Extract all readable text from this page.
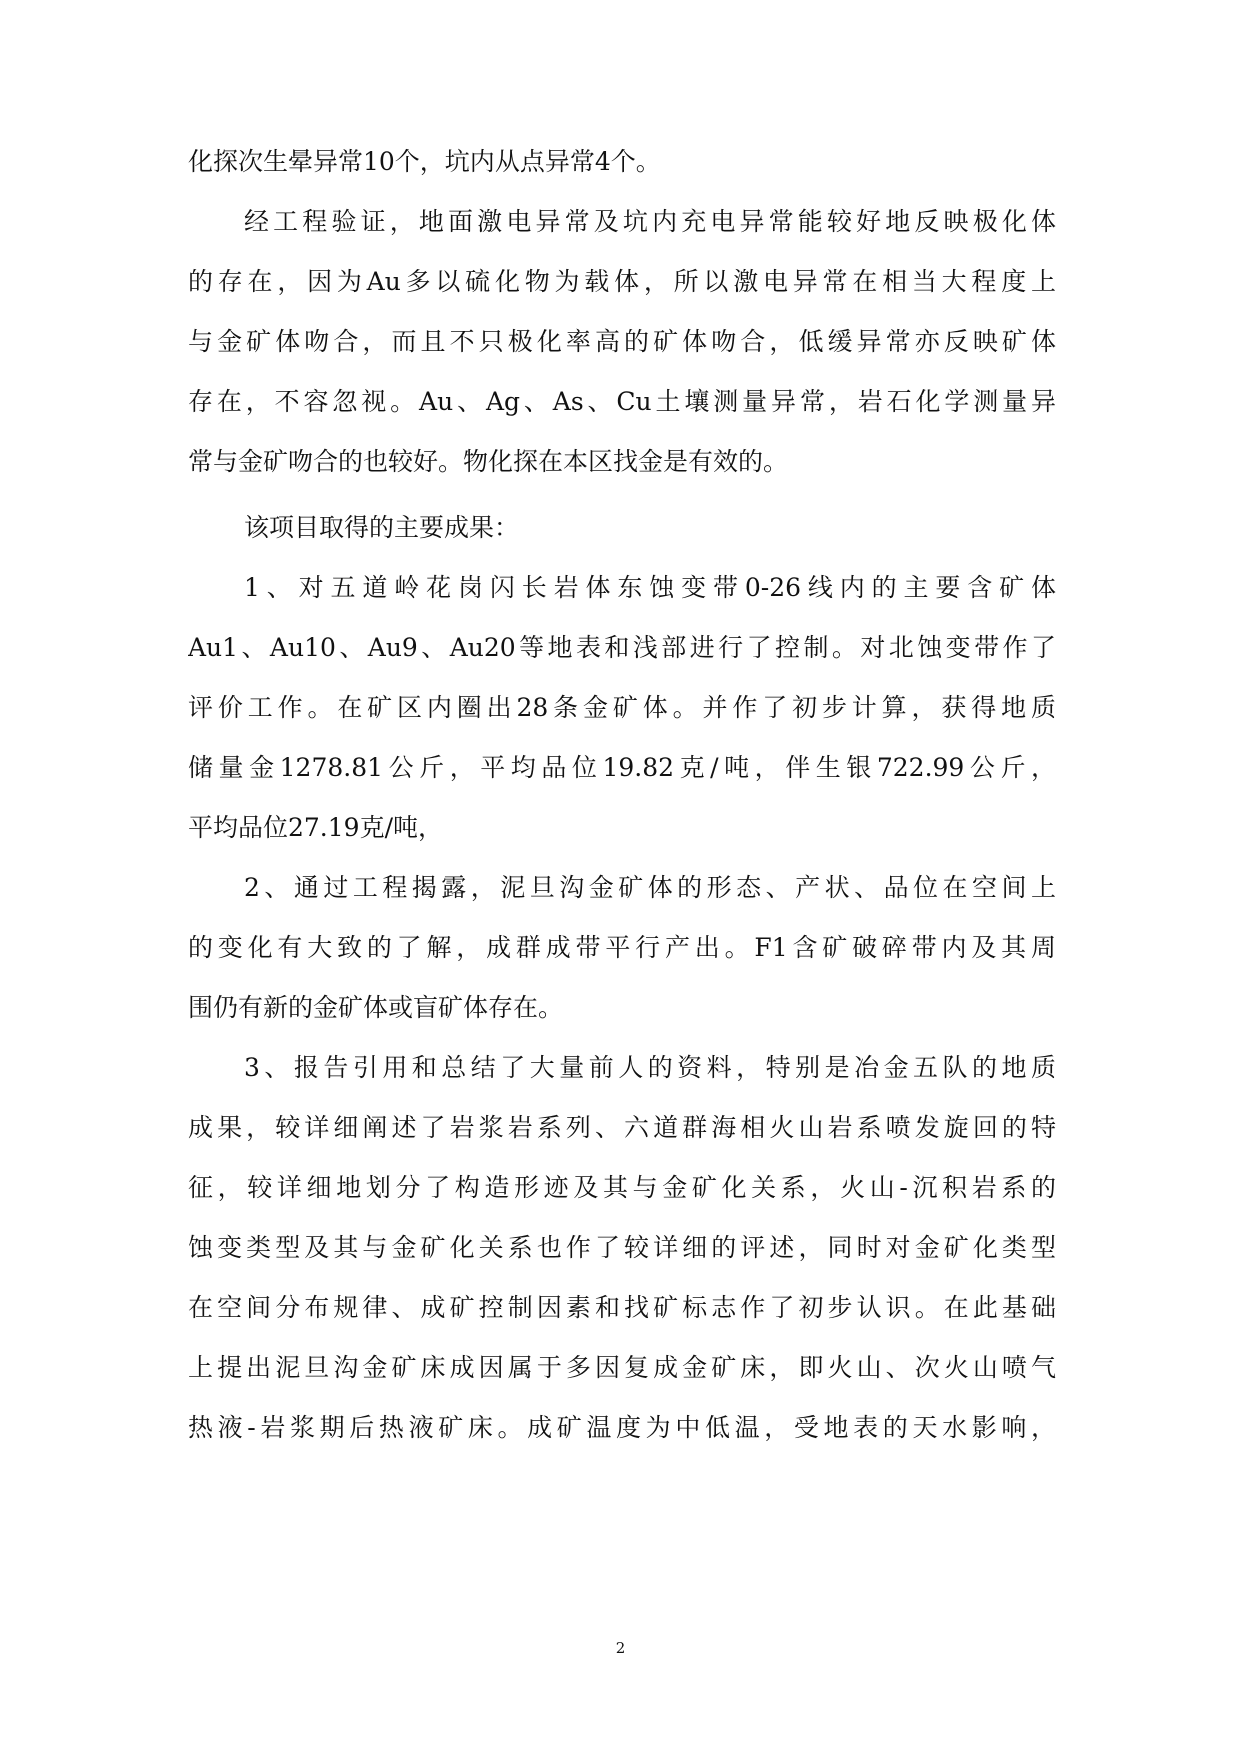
化探次生晕异常10个，坑内从点异常4个。
经工程验证，地面激电异常及坑内充电异常能较好地反映极化体
的存在，因为Au多以硫化物为载体，所以激电异常在相当大程度上
与金矿体吻合，而且不只极化率高的矿体吻合，低缓异常亦反映矿体
存在，不容忽视。Au、Ag、As、Cu土壤测量异常，岩石化学测量异
常与金矿吻合的也较好。物化探在本区找金是有效的。
该项目取得的主要成果：
1、对五道岭花岗闪长岩体东蚀变带0-26线内的主要含矿体
Au1、Au10、Au9、Au20等地表和浅部进行了控制。对北蚀变带作了
评价工作。在矿区内圈出28条金矿体。并作了初步计算，获得地质
储量金1278.81公斤，平均品位19.82克/吨，伴生银722.99公斤，
平均品位27.19克/吨，
2、通过工程揭露，泥旦沟金矿体的形态、产状、品位在空间上
的变化有大致的了解，成群成带平行产出。F1含矿破碎带内及其周
围仍有新的金矿体或盲矿体存在。
3、报告引用和总结了大量前人的资料，特别是冶金五队的地质
成果，较详细阐述了岩浆岩系列、六道群海相火山岩系喷发旋回的特
征，较详细地划分了构造形迹及其与金矿化关系，火山-沉积岩系的
蚀变类型及其与金矿化关系也作了较详细的评述，同时对金矿化类型
在空间分布规律、成矿控制因素和找矿标志作了初步认识。在此基础
上提出泥旦沟金矿床成因属于多因复成金矿床，即火山、次火山喷气
热液-岩浆期后热液矿床。成矿温度为中低温，受地表的天水影响，
2
